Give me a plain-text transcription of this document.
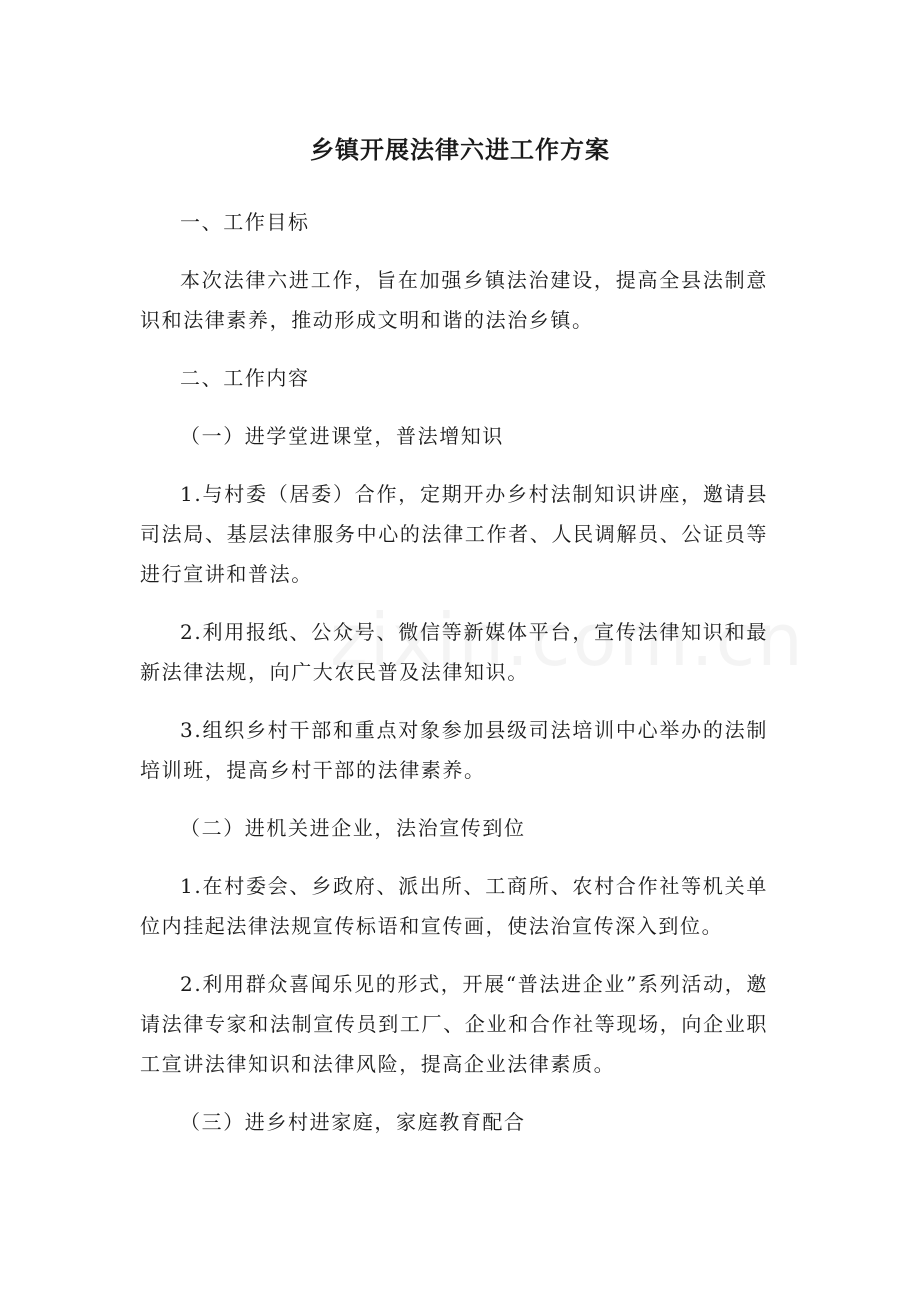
乡镇开展法律六进工作方案

一、工作目标

本次法律六进工作，旨在加强乡镇法治建设，提高全县法制意识和法律素养，推动形成文明和谐的法治乡镇。

二、工作内容

（一）进学堂进课堂，普法增知识

1.与村委（居委）合作，定期开办乡村法制知识讲座，邀请县司法局、基层法律服务中心的法律工作者、人民调解员、公证员等进行宣讲和普法。

2.利用报纸、公众号、微信等新媒体平台，宣传法律知识和最新法律法规，向广大农民普及法律知识。

3.组织乡村干部和重点对象参加县级司法培训中心举办的法制培训班，提高乡村干部的法律素养。

（二）进机关进企业，法治宣传到位

1.在村委会、乡政府、派出所、工商所、农村合作社等机关单位内挂起法律法规宣传标语和宣传画，使法治宣传深入到位。

2.利用群众喜闻乐见的形式，开展“普法进企业”系列活动，邀请法律专家和法制宣传员到工厂、企业和合作社等现场，向企业职工宣讲法律知识和法律风险，提高企业法律素质。

（三）进乡村进家庭，家庭教育配合
